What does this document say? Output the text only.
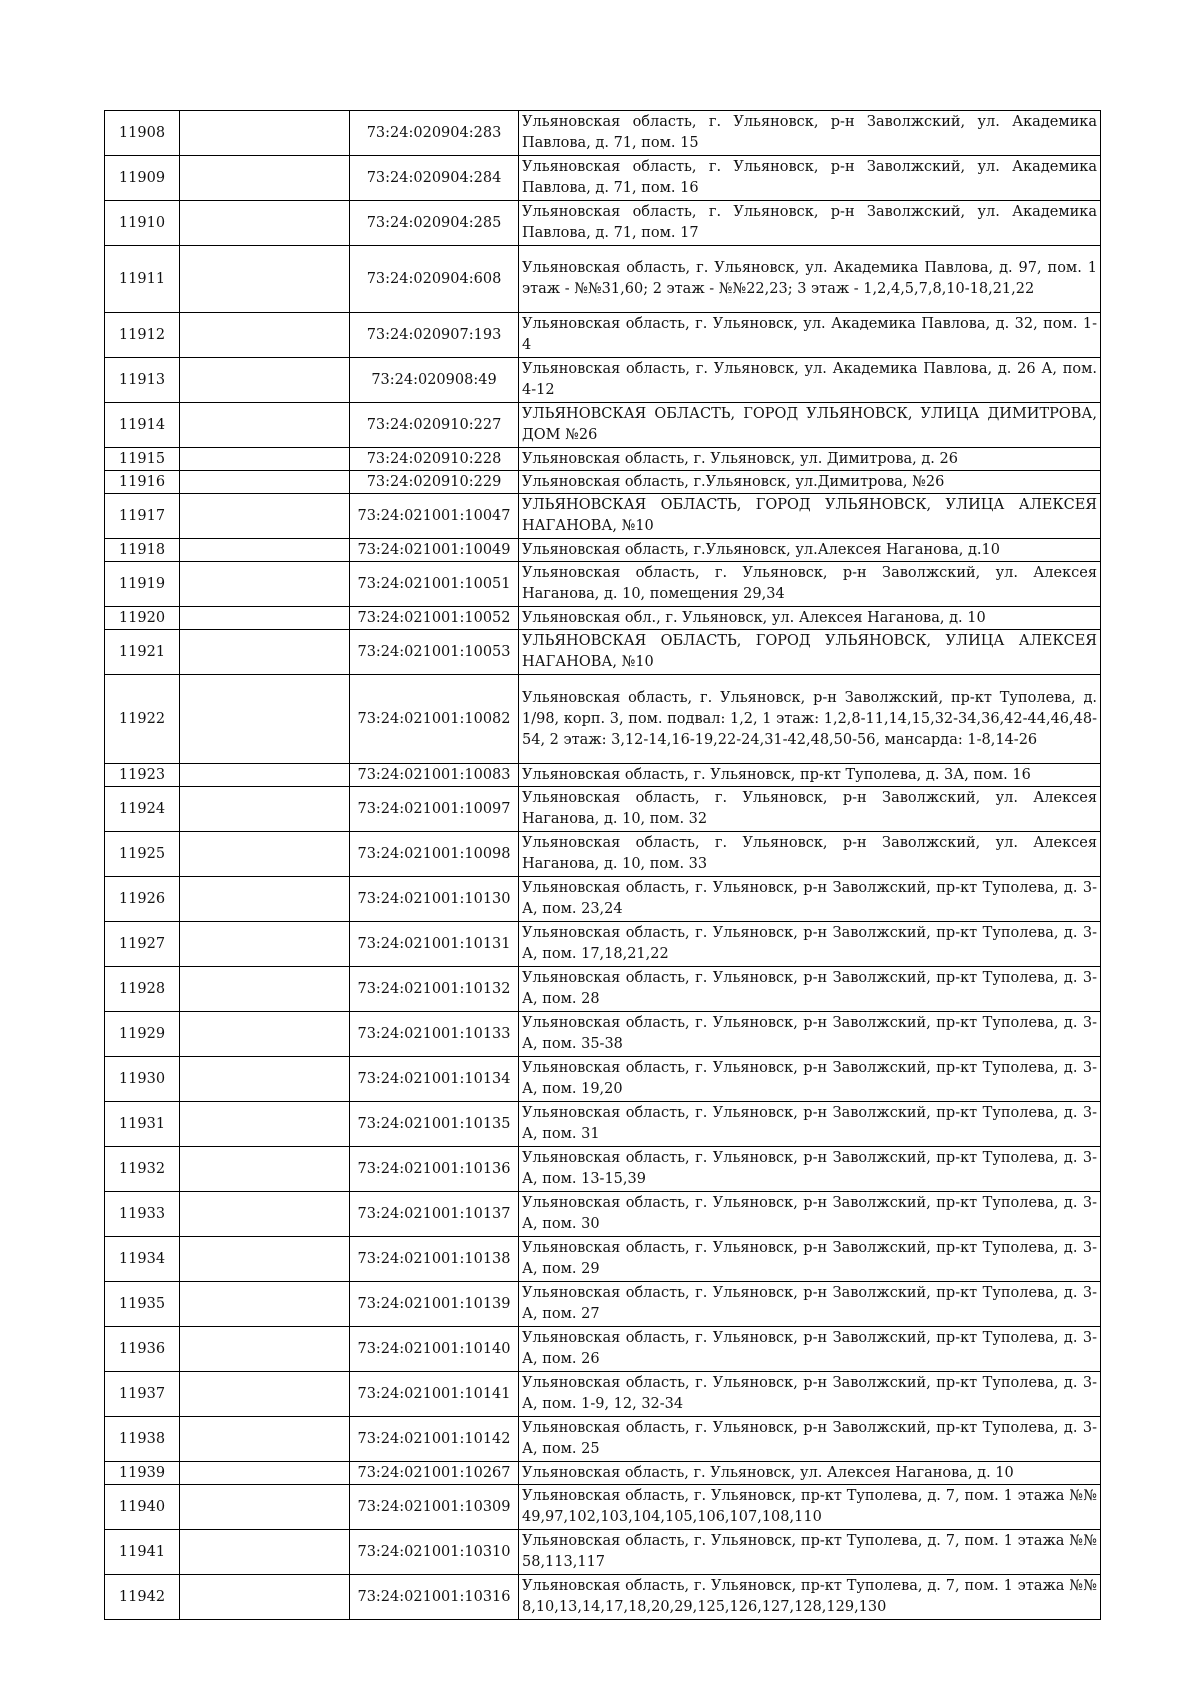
11908		73:24:020904:283	Ульяновская область, г. Ульяновск, р-н Заволжский, ул. Академика Павлова, д. 71, пом. 15
11909		73:24:020904:284	Ульяновская область, г. Ульяновск, р-н Заволжский, ул. Академика Павлова, д. 71, пом. 16
11910		73:24:020904:285	Ульяновская область, г. Ульяновск, р-н Заволжский, ул. Академика Павлова, д. 71, пом. 17
11911		73:24:020904:608	Ульяновская область, г. Ульяновск, ул. Академика Павлова, д. 97, пом. 1 этаж - №№31,60; 2 этаж - №№22,23; 3 этаж - 1,2,4,5,7,8,10-18,21,22
11912		73:24:020907:193	Ульяновская область, г. Ульяновск, ул. Академика Павлова, д. 32, пом. 1-4
11913		73:24:020908:49	Ульяновская область, г. Ульяновск, ул. Академика Павлова, д. 26 А, пом. 4-12
11914		73:24:020910:227	УЛЬЯНОВСКАЯ ОБЛАСТЬ, ГОРОД УЛЬЯНОВСК, УЛИЦА ДИМИТРОВА, ДОМ №26
11915		73:24:020910:228	Ульяновская область, г. Ульяновск, ул. Димитрова, д. 26
11916		73:24:020910:229	Ульяновская область, г.Ульяновск, ул.Димитрова, №26
11917		73:24:021001:10047	УЛЬЯНОВСКАЯ ОБЛАСТЬ, ГОРОД УЛЬЯНОВСК, УЛИЦА АЛЕКСЕЯ НАГАНОВА, №10
11918		73:24:021001:10049	Ульяновская область, г.Ульяновск, ул.Алексея Наганова, д.10
11919		73:24:021001:10051	Ульяновская область, г. Ульяновск, р-н Заволжский, ул. Алексея Наганова, д. 10, помещения 29,34
11920		73:24:021001:10052	Ульяновская обл., г. Ульяновск, ул. Алексея Наганова, д. 10
11921		73:24:021001:10053	УЛЬЯНОВСКАЯ ОБЛАСТЬ, ГОРОД УЛЬЯНОВСК, УЛИЦА АЛЕКСЕЯ НАГАНОВА, №10
11922		73:24:021001:10082	Ульяновская область, г. Ульяновск, р-н Заволжский, пр-кт Туполева, д. 1/98, корп. 3, пом. подвал: 1,2, 1 этаж: 1,2,8-11,14,15,32-34,36,42-44,46,48-54, 2 этаж: 3,12-14,16-19,22-24,31-42,48,50-56, мансарда: 1-8,14-26
11923		73:24:021001:10083	Ульяновская область, г. Ульяновск, пр-кт Туполева, д. 3А, пом. 16
11924		73:24:021001:10097	Ульяновская область, г. Ульяновск, р-н Заволжский, ул. Алексея Наганова, д. 10, пом. 32
11925		73:24:021001:10098	Ульяновская область, г. Ульяновск, р-н Заволжский, ул. Алексея Наганова, д. 10, пом. 33
11926		73:24:021001:10130	Ульяновская область, г. Ульяновск, р-н Заволжский, пр-кт Туполева, д. 3-А, пом. 23,24
11927		73:24:021001:10131	Ульяновская область, г. Ульяновск, р-н Заволжский, пр-кт Туполева, д. 3-А, пом. 17,18,21,22
11928		73:24:021001:10132	Ульяновская область, г. Ульяновск, р-н Заволжский, пр-кт Туполева, д. 3-А, пом. 28
11929		73:24:021001:10133	Ульяновская область, г. Ульяновск, р-н Заволжский, пр-кт Туполева, д. 3-А, пом. 35-38
11930		73:24:021001:10134	Ульяновская область, г. Ульяновск, р-н Заволжский, пр-кт Туполева, д. 3-А, пом. 19,20
11931		73:24:021001:10135	Ульяновская область, г. Ульяновск, р-н Заволжский, пр-кт Туполева, д. 3-А, пом. 31
11932		73:24:021001:10136	Ульяновская область, г. Ульяновск, р-н Заволжский, пр-кт Туполева, д. 3-А, пом. 13-15,39
11933		73:24:021001:10137	Ульяновская область, г. Ульяновск, р-н Заволжский, пр-кт Туполева, д. 3-А, пом. 30
11934		73:24:021001:10138	Ульяновская область, г. Ульяновск, р-н Заволжский, пр-кт Туполева, д. 3-А, пом. 29
11935		73:24:021001:10139	Ульяновская область, г. Ульяновск, р-н Заволжский, пр-кт Туполева, д. 3-А, пом. 27
11936		73:24:021001:10140	Ульяновская область, г. Ульяновск, р-н Заволжский, пр-кт Туполева, д. 3-А, пом. 26
11937		73:24:021001:10141	Ульяновская область, г. Ульяновск, р-н Заволжский, пр-кт Туполева, д. 3-А, пом. 1-9, 12, 32-34
11938		73:24:021001:10142	Ульяновская область, г. Ульяновск, р-н Заволжский, пр-кт Туполева, д. 3-А, пом. 25
11939		73:24:021001:10267	Ульяновская область, г. Ульяновск, ул. Алексея Наганова, д. 10
11940		73:24:021001:10309	Ульяновская область, г. Ульяновск, пр-кт Туполева, д. 7, пом. 1 этажа №№ 49,97,102,103,104,105,106,107,108,110
11941		73:24:021001:10310	Ульяновская область, г. Ульяновск, пр-кт Туполева, д. 7, пом. 1 этажа №№ 58,113,117
11942		73:24:021001:10316	Ульяновская область, г. Ульяновск, пр-кт Туполева, д. 7, пом. 1 этажа №№ 8,10,13,14,17,18,20,29,125,126,127,128,129,130
